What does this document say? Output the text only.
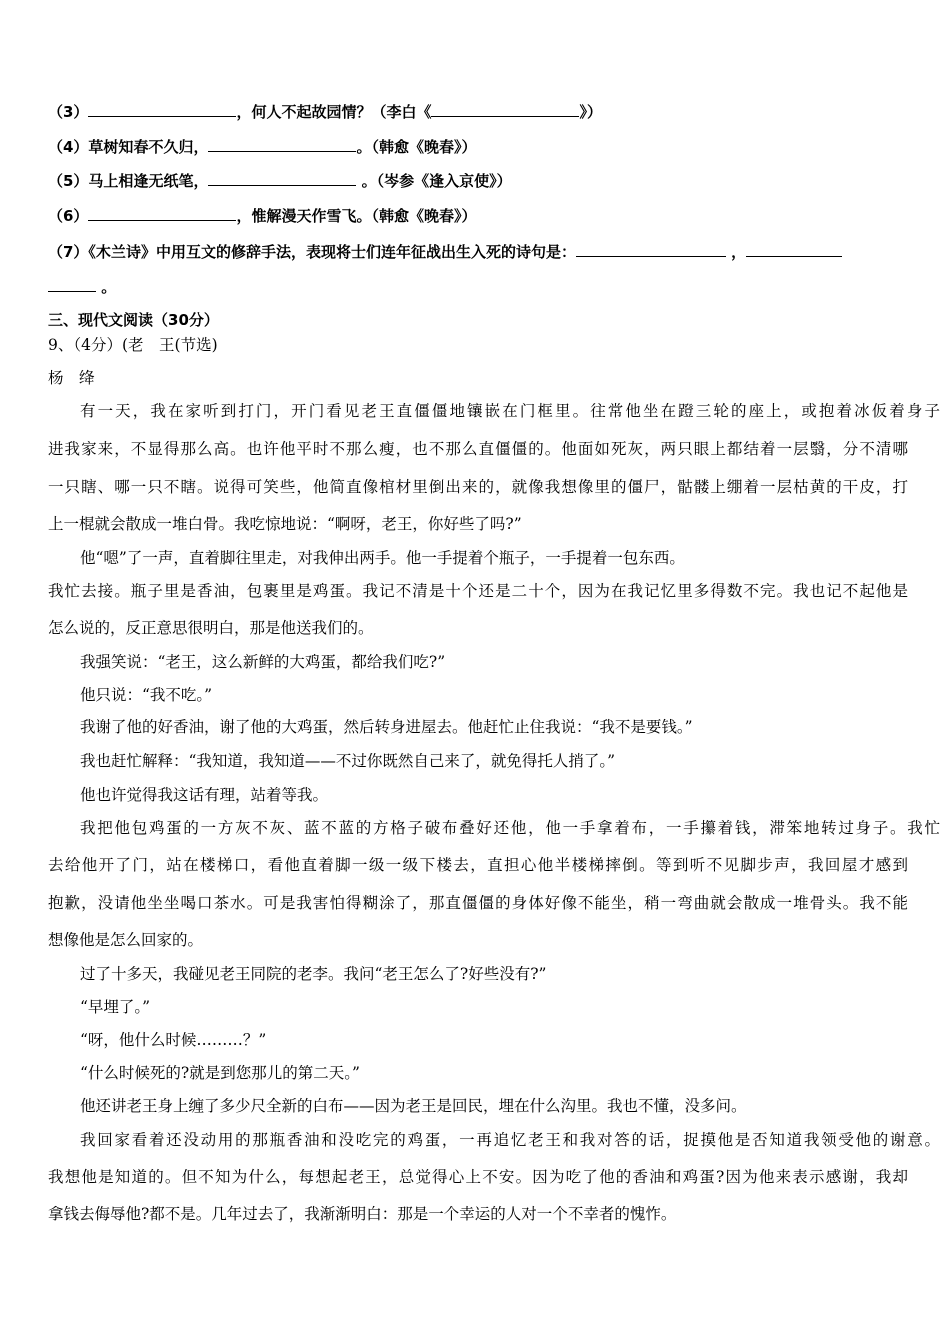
（3）	，何人不起故园情？（李白《	》）
（4）草树知春不久归，	。（韩愈《晚春》）
（5）马上相逢无纸笔，	。（岑参《逢入京使》）
（6）	，惟解漫天作雪飞。（韩愈《晚春》）
（7）《木兰诗》中用互文的修辞手法，表现将士们连年征战出生入死的诗句是：	，
。
三、现代文阅读（30分）
9、（4分）(老　王(节选)
杨　绛
有一天，我在家听到打门，开门看见老王直僵僵地镶嵌在门框里。往常他坐在蹬三轮的座上，或抱着冰仮着身子
进我家来，不显得那么高。也许他平时不那么瘦，也不那么直僵僵的。他面如死灰，两只眼上都结着一层翳，分不清哪
一只瞎、哪一只不瞎。说得可笑些，他简直像棺材里倒出来的，就像我想像里的僵尸，骷髅上绷着一层枯黄的干皮，打
上一棍就会散成一堆白骨。我吃惊地说：“啊呀，老王，你好些了吗?”
他“嗯”了一声，直着脚往里走，对我伸出两手。他一手提着个瓶子，一手提着一包东西。
我忙去接。瓶子里是香油，包裹里是鸡蛋。我记不清是十个还是二十个，因为在我记忆里多得数不完。我也记不起他是
怎么说的，反正意思很明白，那是他送我们的。
我强笑说：“老王，这么新鲜的大鸡蛋，都给我们吃?”
他只说：“我不吃。”
我谢了他的好香油，谢了他的大鸡蛋，然后转身进屋去。他赶忙止住我说：“我不是要钱。”
我也赶忙解释：“我知道，我知道——不过你既然自己来了，就免得托人捎了。”
他也许觉得我这话有理，站着等我。
我把他包鸡蛋的一方灰不灰、蓝不蓝的方格子破布叠好还他，他一手拿着布，一手攥着钱，滞笨地转过身子。我忙
去给他开了门，站在楼梯口，看他直着脚一级一级下楼去，直担心他半楼梯摔倒。等到听不见脚步声，我回屋才感到
抱歉，没请他坐坐喝口茶水。可是我害怕得糊涂了，那直僵僵的身体好像不能坐，稍一弯曲就会散成一堆骨头。我不能
想像他是怎么回家的。
过了十多天，我碰见老王同院的老李。我问“老王怎么了?好些没有?”
“早埋了。”
“呀，他什么时候………？”
“什么时候死的?就是到您那儿的第二天。”
他还讲老王身上缠了多少尺全新的白布——因为老王是回民，埋在什么沟里。我也不懂，没多问。
我回家看着还没动用的那瓶香油和没吃完的鸡蛋，一再追忆老王和我对答的话，捉摸他是否知道我领受他的谢意。
我想他是知道的。但不知为什么，每想起老王，总觉得心上不安。因为吃了他的香油和鸡蛋?因为他来表示感谢，我却
拿钱去侮辱他?都不是。几年过去了，我渐渐明白：那是一个幸运的人对一个不幸者的愧怍。
